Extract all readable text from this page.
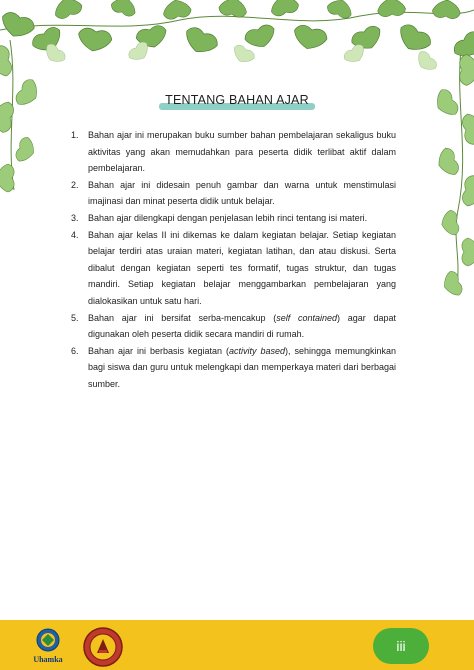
TENTANG BAHAN AJAR
1. Bahan ajar ini merupakan buku sumber bahan pembelajaran sekaligus buku aktivitas yang akan memudahkan para peserta didik terlibat aktif dalam pembelajaran.
2. Bahan ajar ini didesain penuh gambar dan warna untuk menstimulasi imajinasi dan minat peserta didik untuk belajar.
3. Bahan ajar dilengkapi dengan penjelasan lebih rinci tentang isi materi.
4. Bahan ajar kelas II ini dikemas ke dalam kegiatan belajar. Setiap kegiatan belajar terdiri atas uraian materi, kegiatan latihan, dan atau diskusi. Serta dibalut dengan kegiatan seperti tes formatif, tugas struktur, dan tugas mandiri. Setiap kegiatan belajar menggambarkan pembelajaran yang dialokasikan untuk satu hari.
5. Bahan ajar ini bersifat serba-mencakup (self contained) agar dapat digunakan oleh peserta didik secara mandiri di rumah.
6. Bahan ajar ini berbasis kegiatan (activity based), sehingga memungkinkan bagi siswa dan guru untuk melengkapi dan memperkaya materi dari berbagai sumber.
Uhamka
iii
